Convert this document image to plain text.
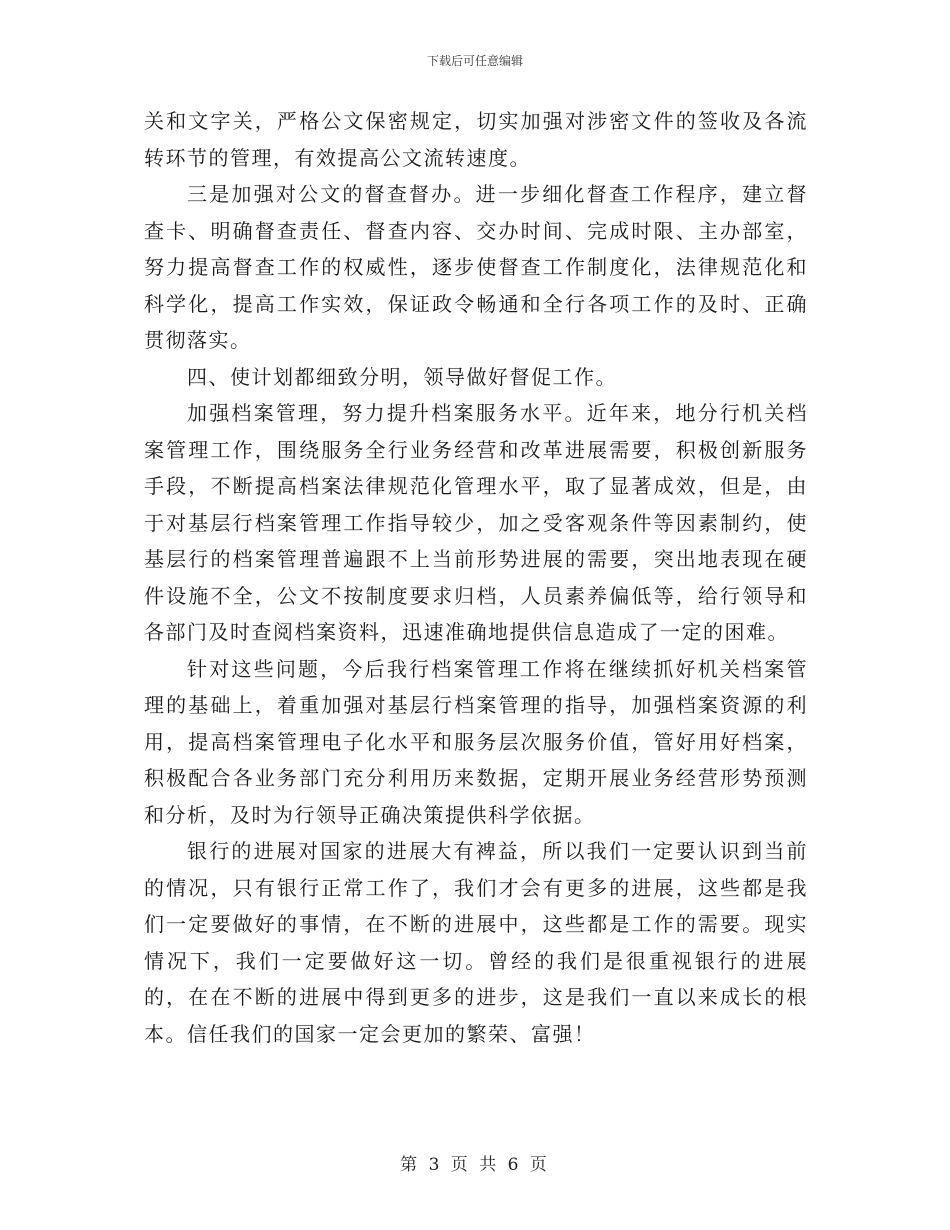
下载后可任意编辑

关和文字关，严格公文保密规定，切实加强对涉密文件的签收及各流转环节的管理，有效提高公文流转速度。

三是加强对公文的督查督办。进一步细化督查工作程序，建立督查卡、明确督查责任、督查内容、交办时间、完成时限、主办部室，努力提高督查工作的权威性，逐步使督查工作制度化，法律规范化和科学化，提高工作实效，保证政令畅通和全行各项工作的及时、正确贯彻落实。

四、使计划都细致分明，领导做好督促工作。

加强档案管理，努力提升档案服务水平。近年来，地分行机关档案管理工作，围绕服务全行业务经营和改革进展需要，积极创新服务手段，不断提高档案法律规范化管理水平，取了显著成效，但是，由于对基层行档案管理工作指导较少，加之受客观条件等因素制约，使基层行的档案管理普遍跟不上当前形势进展的需要，突出地表现在硬件设施不全，公文不按制度要求归档，人员素养偏低等，给行领导和各部门及时查阅档案资料，迅速准确地提供信息造成了一定的困难。

针对这些问题，今后我行档案管理工作将在继续抓好机关档案管理的基础上，着重加强对基层行档案管理的指导，加强档案资源的利用，提高档案管理电子化水平和服务层次服务价值，管好用好档案，积极配合各业务部门充分利用历来数据，定期开展业务经营形势预测和分析，及时为行领导正确决策提供科学依据。

银行的进展对国家的进展大有裨益，所以我们一定要认识到当前的情况，只有银行正常工作了，我们才会有更多的进展，这些都是我们一定要做好的事情，在不断的进展中，这些都是工作的需要。现实情况下，我们一定要做好这一切。曾经的我们是很重视银行的进展的，在在不断的进展中得到更多的进步，这是我们一直以来成长的根本。信任我们的国家一定会更加的繁荣、富强！

第 3 页 共 6 页
